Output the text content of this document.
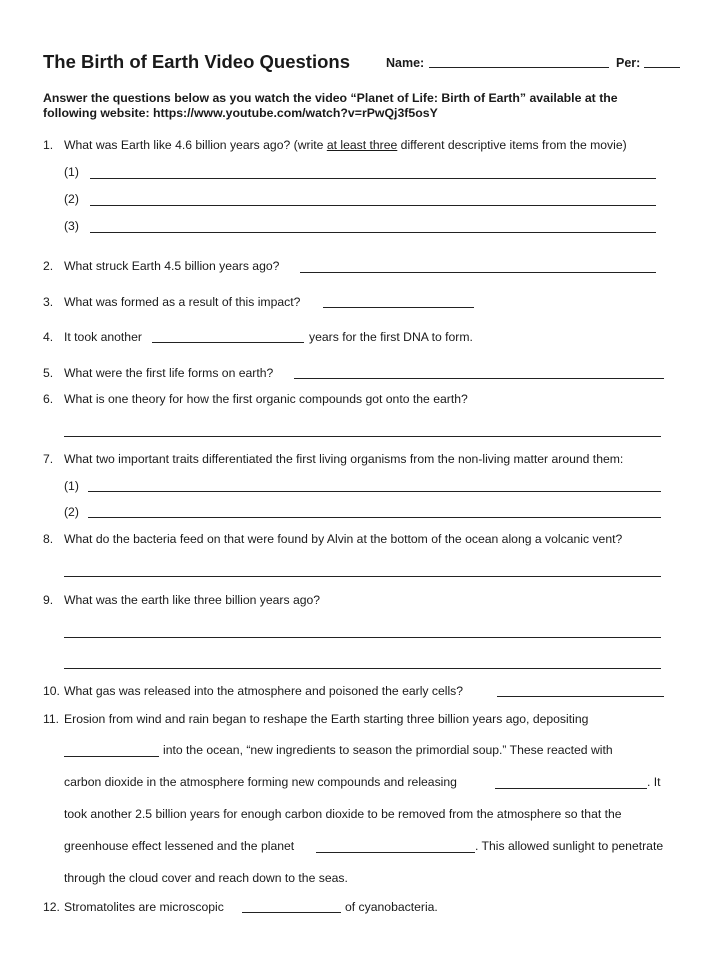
The Birth of Earth Video Questions	Name:	Per:
Answer the questions below as you watch the video “Planet of Life: Birth of Earth” available at the
following website: https://www.youtube.com/watch?v=rPwQj3f5osY
1. What was Earth like 4.6 billion years ago? (write at least three different descriptive items from the movie)
(1)
(2)
(3)
2. What struck Earth 4.5 billion years ago?
3. What was formed as a result of this impact?
4. It took another	years for the first DNA to form.
5. What were the first life forms on earth?
6. What is one theory for how the first organic compounds got onto the earth?
7. What two important traits differentiated the first living organisms from the non-living matter around them:
(1)
(2)
8. What do the bacteria feed on that were found by Alvin at the bottom of the ocean along a volcanic vent?
9. What was the earth like three billion years ago?
10. What gas was released into the atmosphere and poisoned the early cells?
11. Erosion from wind and rain began to reshape the Earth starting three billion years ago, depositing
into the ocean, “new ingredients to season the primordial soup.” These reacted with
carbon dioxide in the atmosphere forming new compounds and releasing	. It
took another 2.5 billion years for enough carbon dioxide to be removed from the atmosphere so that the
greenhouse effect lessened and the planet	. This allowed sunlight to penetrate
through the cloud cover and reach down to the seas.
12. Stromatolites are microscopic	of cyanobacteria.
